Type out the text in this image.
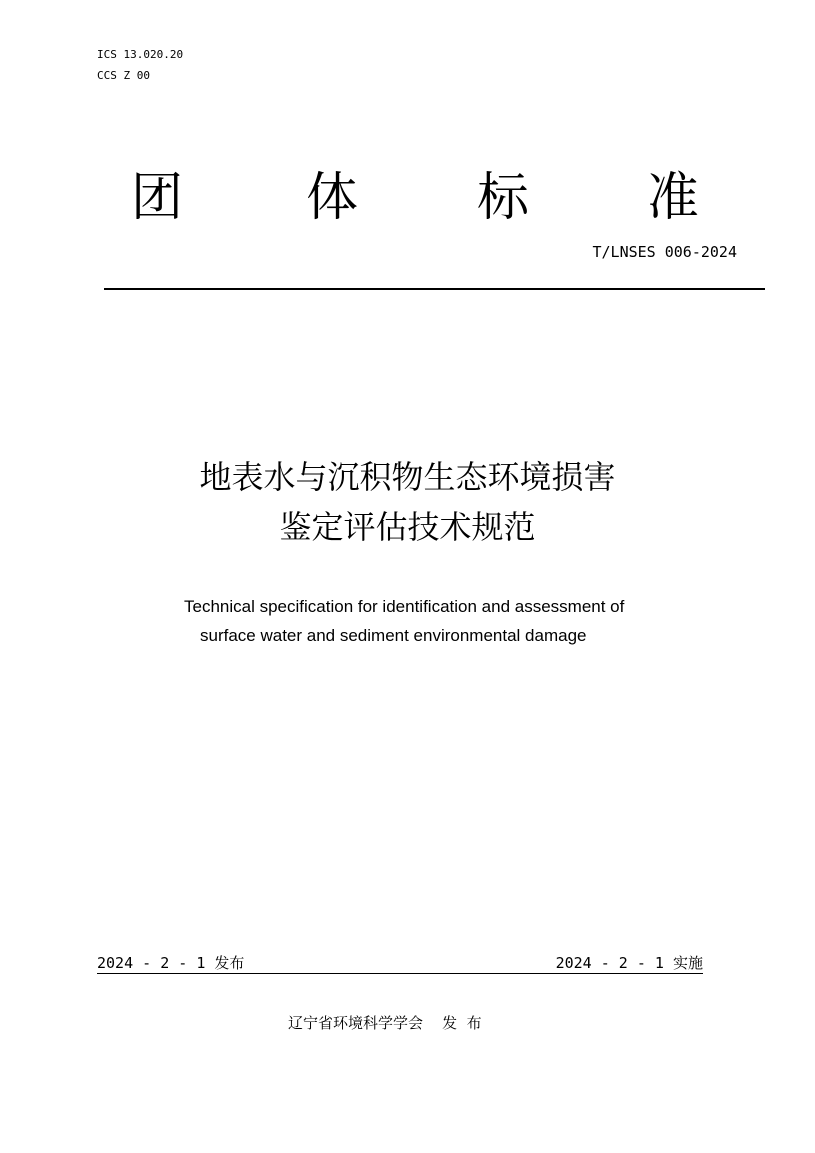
ICS 13.020.20
CCS Z 00
团 体 标 准
T/LNSES 006-2024
地表水与沉积物生态环境损害
鉴定评估技术规范
Technical specification for identification and assessment of
surface water and sediment environmental damage
2024 - 2 - 1 发布	2024 - 2 - 1 实施
辽宁省环境科学学会    发  布
